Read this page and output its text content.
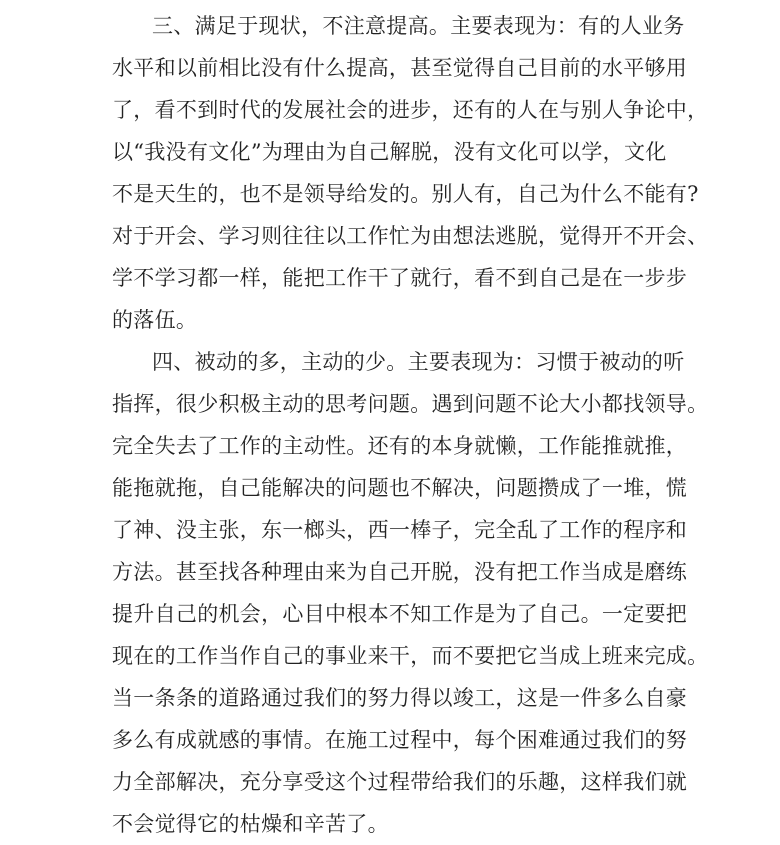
三、满足于现状，不注意提高。主要表现为：有的人业务
水平和以前相比没有什么提高，甚至觉得自己目前的水平够用
了，看不到时代的发展社会的进步，还有的人在与别人争论中，
以“我没有文化”为理由为自己解脱，没有文化可以学，文化
不是天生的，也不是领导给发的。别人有，自己为什么不能有?
对于开会、学习则往往以工作忙为由想法逃脱，觉得开不开会、
学不学习都一样，能把工作干了就行，看不到自己是在一步步
的落伍。
四、被动的多，主动的少。主要表现为：习惯于被动的听
指挥，很少积极主动的思考问题。遇到问题不论大小都找领导。
完全失去了工作的主动性。还有的本身就懒，工作能推就推，
能拖就拖，自己能解决的问题也不解决，问题攒成了一堆，慌
了神、没主张，东一榔头，西一棒子，完全乱了工作的程序和
方法。甚至找各种理由来为自己开脱，没有把工作当成是磨练
提升自己的机会，心目中根本不知工作是为了自己。一定要把
现在的工作当作自己的事业来干，而不要把它当成上班来完成。
当一条条的道路通过我们的努力得以竣工，这是一件多么自豪
多么有成就感的事情。在施工过程中，每个困难通过我们的努
力全部解决，充分享受这个过程带给我们的乐趣，这样我们就
不会觉得它的枯燥和辛苦了。
